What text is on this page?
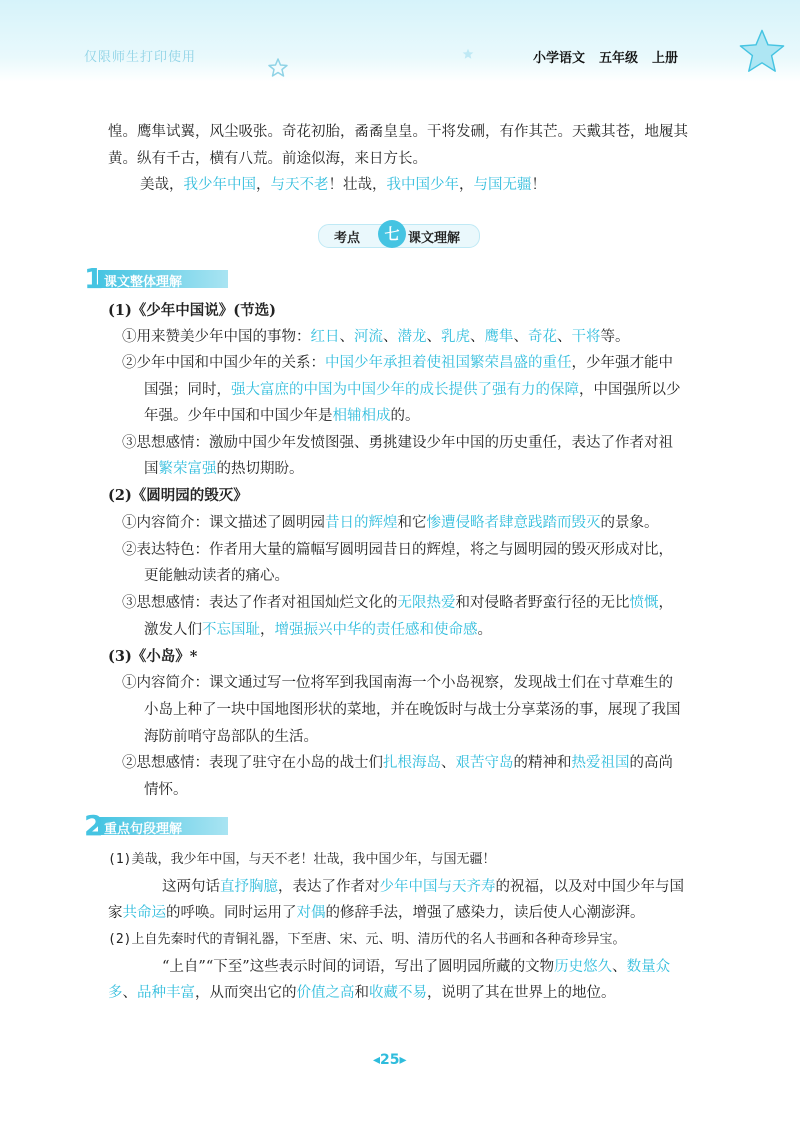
仅限师生打印使用	小学语文 五年级 上册
惶。鹰隼试翼，风尘吸张。奇花初胎，矞矞皇皇。干将发硎，有作其芒。天戴其苍，地履其
黄。纵有千古，横有八荒。前途似海，来日方长。
美哉，我少年中国，与天不老！壮哉，我中国少年，与国无疆！
考点	七 课文理解
1 课文整体理解
(1)《少年中国说》(节选)
①用来赞美少年中国的事物：红日、河流、潜龙、乳虎、鹰隼、奇花、干将等。
②少年中国和中国少年的关系：中国少年承担着使祖国繁荣昌盛的重任，少年强才能中
国强；同时，强大富庶的中国为中国少年的成长提供了强有力的保障，中国强所以少
年强。少年中国和中国少年是相辅相成的。
③思想感情：激励中国少年发愤图强、勇挑建设少年中国的历史重任，表达了作者对祖
国繁荣富强的热切期盼。
(2)《圆明园的毁灭》
①内容简介：课文描述了圆明园昔日的辉煌和它惨遭侵略者肆意践踏而毁灭的景象。
②表达特色：作者用大量的篇幅写圆明园昔日的辉煌，将之与圆明园的毁灭形成对比，
更能触动读者的痛心。
③思想感情：表达了作者对祖国灿烂文化的无限热爱和对侵略者野蛮行径的无比愤慨，
激发人们不忘国耻，增强振兴中华的责任感和使命感。
(3)《小岛》*
①内容简介：课文通过写一位将军到我国南海一个小岛视察，发现战士们在寸草难生的
小岛上种了一块中国地图形状的菜地，并在晚饭时与战士分享菜汤的事，展现了我国
海防前哨守岛部队的生活。
②思想感情：表现了驻守在小岛的战士们扎根海岛、艰苦守岛的精神和热爱祖国的高尚
情怀。
2 重点句段理解
(1)美哉，我少年中国，与天不老！壮哉，我中国少年，与国无疆！
这两句话直抒胸臆，表达了作者对少年中国与天齐寿的祝福，以及对中国少年与国
家共命运的呼唤。同时运用了对偶的修辞手法，增强了感染力，读后使人心潮澎湃。
(2)上自先秦时代的青铜礼器，下至唐、宋、元、明、清历代的名人书画和各种奇珍异宝。
“上自”“下至”这些表示时间的词语，写出了圆明园所藏的文物历史悠久、数量众
多、品种丰富，从而突出它的价值之高和收藏不易，说明了其在世界上的地位。
◂25▸
